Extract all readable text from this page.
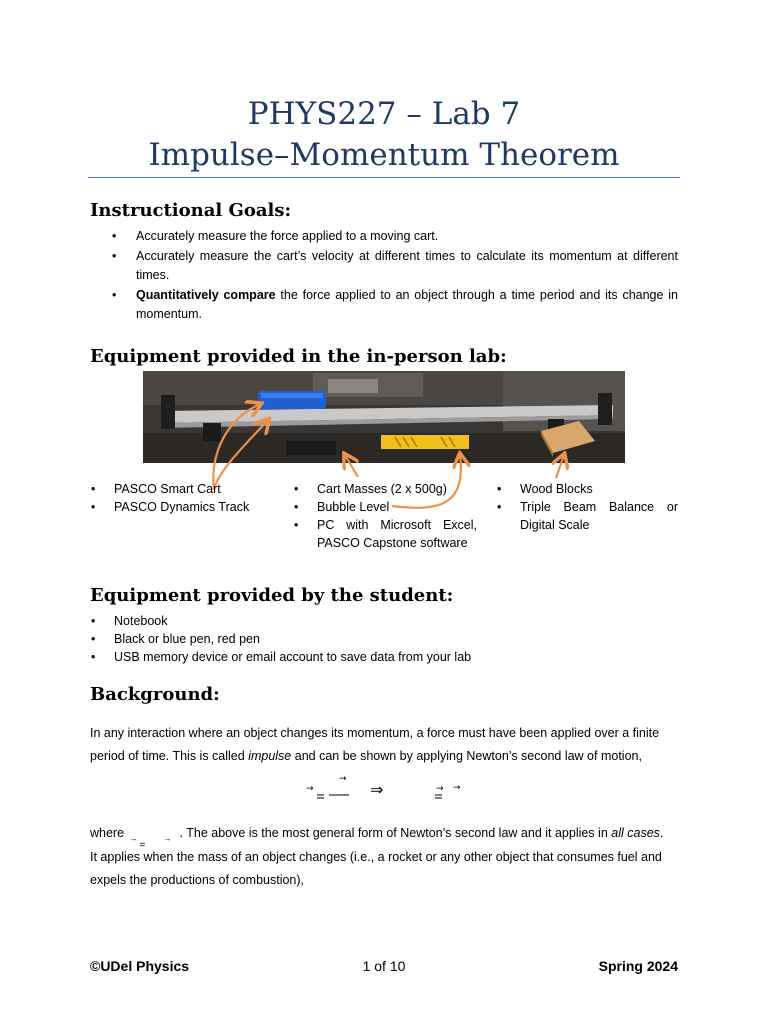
PHYS227 – Lab 7
Impulse–Momentum Theorem
Instructional Goals:
• Accurately measure the force applied to a moving cart.
• Accurately measure the cart’s velocity at different times to calculate its momentum at different times.
• Quantitatively compare the force applied to an object through a time period and its change in momentum.
Equipment provided in the in-person lab:
• PASCO Smart Cart
• PASCO Dynamics Track
• Cart Masses (2 x 500g)
• Bubble Level
• PC with Microsoft Excel, PASCO Capstone software
• Wood Blocks
• Triple Beam Balance or Digital Scale
Equipment provided by the student:
• Notebook
• Black or blue pen, red pen
• USB memory device or email account to save data from your lab
Background:
In any interaction where an object changes its momentum, a force must have been applied over a finite period of time. This is called impulse and can be shown by applying Newton’s second law of motion,
→
→
→ →
⇒
where →
=
→ . The above is the most general form of Newton’s second law and it applies in all cases.
It applies when the mass of an object changes (i.e., a rocket or any other object that consumes fuel and expels the productions of combustion),
©UDel Physics	1 of 10	Spring 2024
